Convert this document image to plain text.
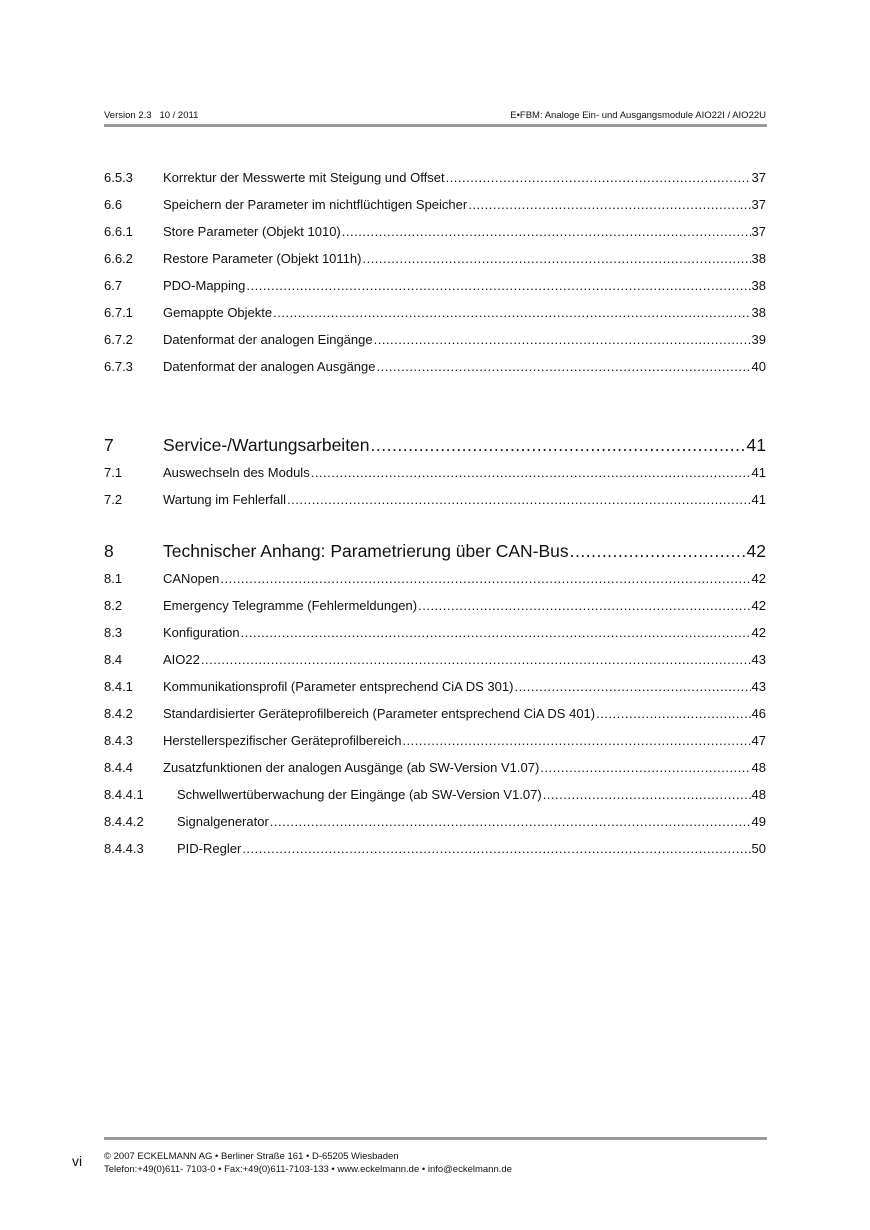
Version 2.3   10 / 2011	E•FBM: Analoge Ein- und Ausgangsmodule AIO22I / AIO22U
6.5.3	Korrektur der Messwerte mit Steigung und Offset .....	37
6.6	Speichern der Parameter im nichtflüchtigen Speicher .....	37
6.6.1	Store Parameter (Objekt 1010) .....	37
6.6.2	Restore Parameter (Objekt 1011h) .....	38
6.7	PDO-Mapping .....	38
6.7.1	Gemappte Objekte .....	38
6.7.2	Datenformat der analogen Eingänge .....	39
6.7.3	Datenformat der analogen Ausgänge .....	40
7	Service-/Wartungsarbeiten .....	41
7.1	Auswechseln des Moduls .....	41
7.2	Wartung im Fehlerfall .....	41
8	Technischer Anhang: Parametrierung über CAN-Bus .....	42
8.1	CANopen .....	42
8.2	Emergency Telegramme (Fehlermeldungen) .....	42
8.3	Konfiguration .....	42
8.4	AIO22 .....	43
8.4.1	Kommunikationsprofil (Parameter entsprechend CiA DS 301) .....	43
8.4.2	Standardisierter Geräteprofilbereich (Parameter entsprechend CiA DS 401) .....	46
8.4.3	Herstellerspezifischer Geräteprofilbereich .....	47
8.4.4	Zusatzfunktionen der analogen Ausgänge (ab SW-Version V1.07) .....	48
8.4.4.1	Schwellwertüberwachung der Eingänge (ab SW-Version V1.07) .....	48
8.4.4.2	Signalgenerator .....	49
8.4.4.3	PID-Regler .....	50
vi © 2007 ECKELMANN AG • Berliner Straße 161 • D-65205 Wiesbaden
Telefon:+49(0)611- 7103-0 • Fax:+49(0)611-7103-133 • www.eckelmann.de • info@eckelmann.de
